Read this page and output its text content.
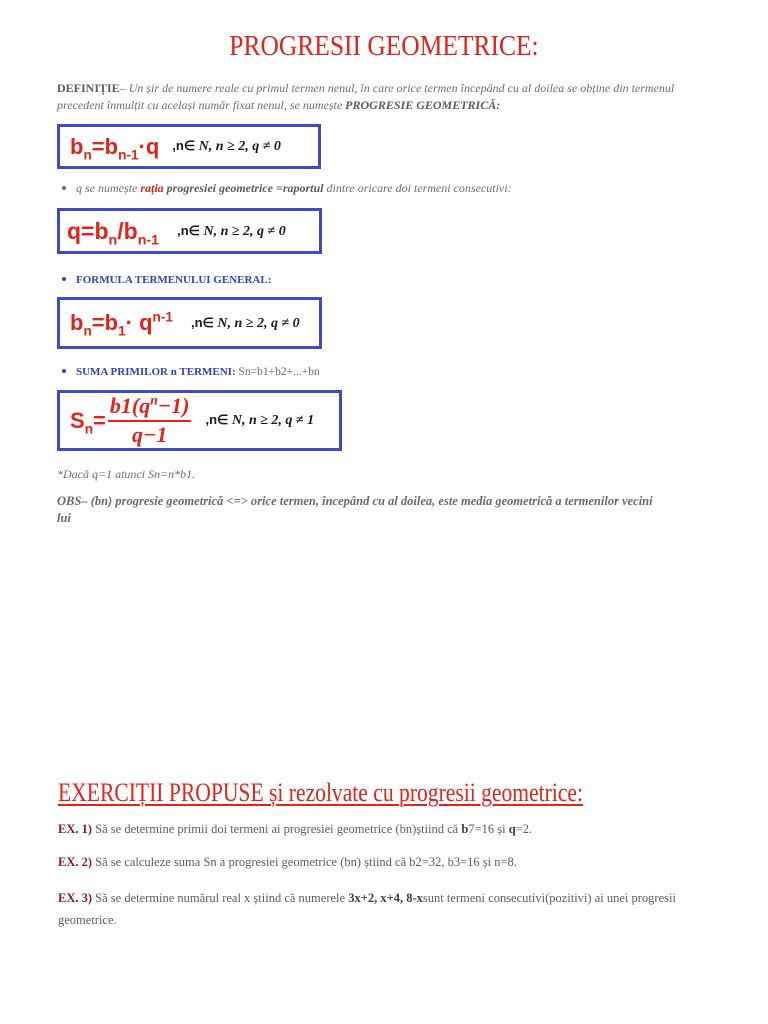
PROGRESII GEOMETRICE:
DEFINIȚIE– Un șir de numere reale cu primul termen nenul, în care orice termen începând cu al doilea se obține din termenul
precedent înmulțit cu același număr fixat nenul, se numește PROGRESIE GEOMETRICĂ:
$b_n=b_{n-1}\cdot q$ ,n∈ N, n ≥ 2, q ≠ 0
q se numește rația progresiei geometrice =raportul dintre oricare doi termeni consecutivi:
$q=b_n/b_{n-1}$
,n∈ N, n ≥ 2, q ≠ 0
FORMULA TERMENULUI GENERAL:
$b_n=b_1\cdot q^{n-1}$ ,n∈ N, n ≥ 2, q ≠ 0
SUMA PRIMILOR n TERMENI: Sn=b1+b2+...+bn
$S_n= \frac{b1(q^n-1)}{q-1}$ ,n∈ N, n ≥ 2, q ≠ 1
*Dacă q=1 atunci Sn=n*b1.
OBS– (bn) progresie geometrică <=> orice termen, începând cu al doilea, este media geometrică a termenilor vecini
lui
EXERCIȚII PROPUSE și rezolvate cu progresii geometrice:
EX. 1) Să se determine primii doi termeni ai progresiei geometrice (bn)știind că b7=16 și q=2.
EX. 2) Să se calculeze suma Sn a progresiei geometrice (bn) știind că b2=32, b3=16 și n=8.
EX. 3) Să se determine numărul real x știind că numerele 3x+2, x+4, 8-xsunt termeni consecutivi(pozitivi) ai unei progresii
geometrice.
